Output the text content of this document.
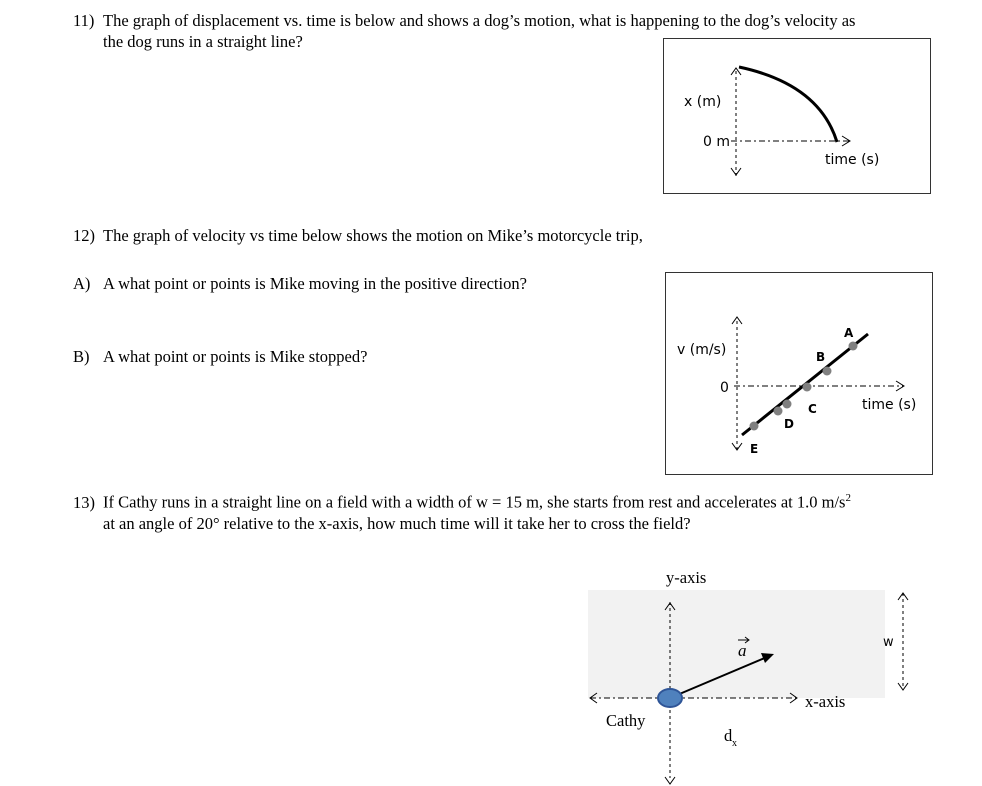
11) The graph of displacement vs. time is below and shows a dog’s motion, what is happening to the dog’s velocity as
the dog runs in a straight line?
x (m)
0 m
time (s)
12) The graph of velocity vs time below shows the motion on Mike’s motorcycle trip,
A) A what point or points is Mike moving in the positive direction?
B) A what point or points is Mike stopped?	v (m/s)
0
time (s)
A
B
C
D
E
13) If Cathy runs in a straight line on a field with a width of w = 15 m, she starts from rest and accelerates at 1.0 $m/s^2$
at an angle of 20° relative to the x-axis, how much time will it take her to cross the field?
y-axis
x-axis
a
Cathy
d x
w
